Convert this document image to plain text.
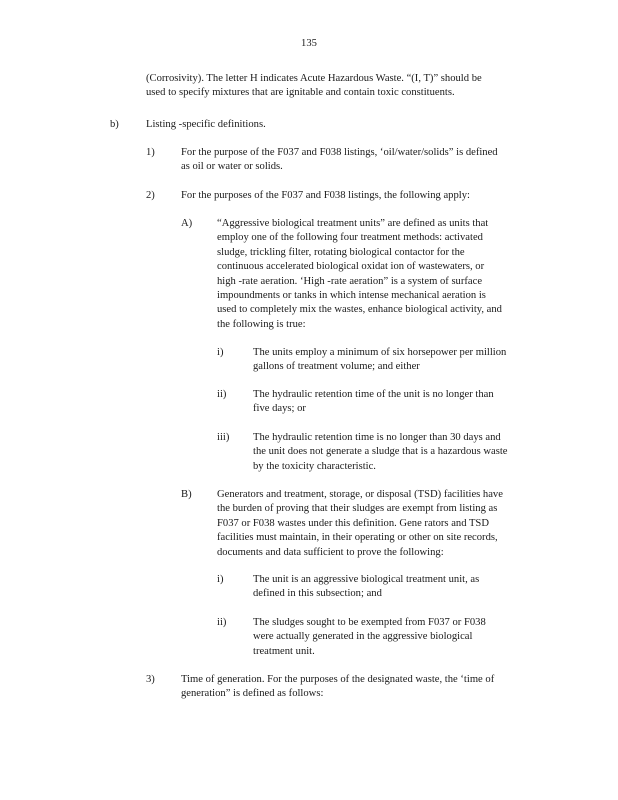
135
(Corrosivity). The letter H indicates Acute Hazardous Waste. “(I, T)” should be
used to specify mixtures that are ignitable and contain toxic constituents.
b)	Listing -specific definitions.
1) For the purpose of the F037 and F038 listings, ‘oil/water/solids” is defined
as oil or water or solids.
2) For the purposes of the F037 and F038 listings, the following apply:
A) “Aggressive biological treatment units” are defined as units that
employ one of the following four treatment methods: activated
sludge, trickling filter, rotating biological contactor for the
continuous accelerated biological oxidat ion of wastewaters, or
high -rate aeration. ‘High -rate aeration” is a system of surface
impoundments or tanks in which intense mechanical aeration is
used to completely mix the wastes, enhance biological activity, and
the following is true:
i)	The units employ a minimum of six horsepower per million
gallons of treatment volume; and either
ii)	The hydraulic retention time of the unit is no longer than
five days; or
iii) The hydraulic retention time is no longer than 30 days and
the unit does not generate a sludge that is a hazardous waste
by the toxicity characteristic.
B) Generators and treatment, storage, or disposal (TSD) facilities have
the burden of proving that their sludges are exempt from listing as
F037 or F038 wastes under this definition. Gene rators and TSD
facilities must maintain, in their operating or other on site records,
documents and data sufficient to prove the following:
i)	The unit is an aggressive biological treatment unit, as
defined in this subsection; and
ii)	The sludges sought to be exempted from F037 or F038
were actually generated in the aggressive biological
treatment unit.
3) Time of generation. For the purposes of the designated waste, the ‘time of
generation” is defined as follows:
